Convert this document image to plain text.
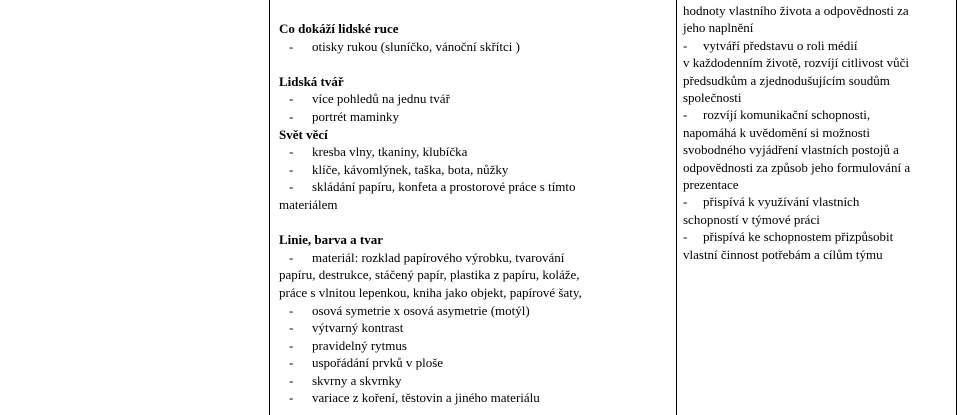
Co dokáží lidské ruce
- otisky rukou (sluníčko, vánoční skřítci )
Lidská tvář
- více pohledů na jednu tvář
- portrét maminky
Svět věcí
- kresba vlny, tkaniny, klubíčka
- klíče, kávomlýnek, taška, bota, nůžky
- skládání papíru, konfeta a prostorové práce s tímto
materiálem
Linie, barva a tvar
- materiál: rozklad papírového výrobku, tvarování
papíru, destrukce, stáčený papír, plastika z papíru, koláže,
práce s vlnitou lepenkou, kniha jako objekt, papírové šaty,
- osová symetrie x osová asymetrie (motýl)
- výtvarný kontrast
- pravidelný rytmus
- uspořádání prvků v ploše
- skvrny a skvrnky
- variace z koření, těstovin a jiného materiálu
hodnoty vlastního života a odpovědnosti za
jeho naplnění
- vytváří představu o roli médií
v každodenním životě, rozvíjí citlivost vůči
předsudkům a zjednodušujícím soudům
společnosti
- rozvíjí komunikační schopnosti,
napomáhá k uvědomění si možnosti
svobodného vyjádření vlastních postojů a
odpovědnosti za způsob jeho formulování a
prezentace
- přispívá k využívání vlastních
schopností v týmové práci
- přispívá ke schopnostem přizpůsobit
vlastní činnost potřebám a cílům týmu
